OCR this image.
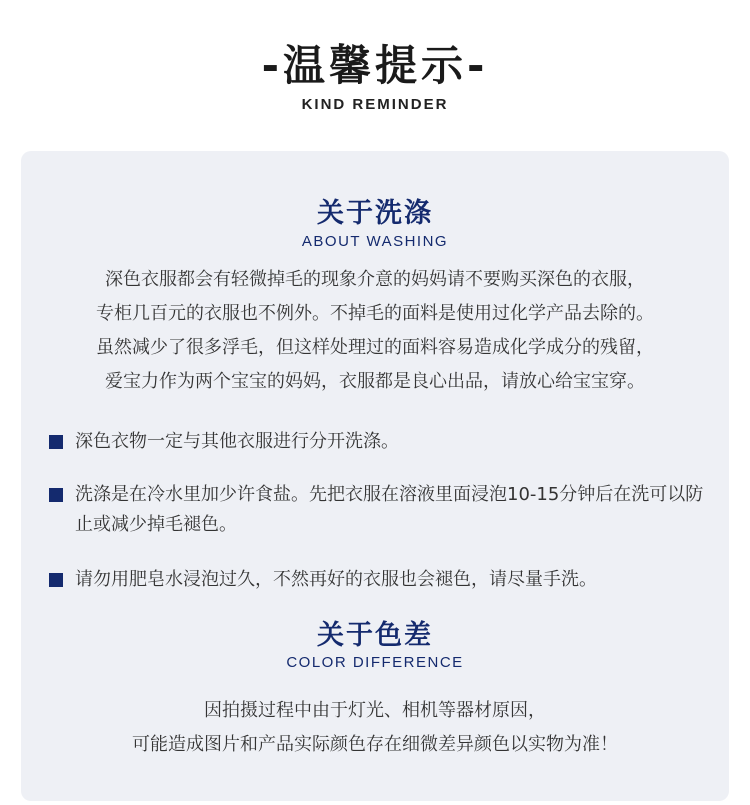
-温馨提示-
KIND REMINDER
关于洗涤
ABOUT WASHING
深色衣服都会有轻微掉毛的现象介意的妈妈请不要购买深色的衣服，
专柜几百元的衣服也不例外。不掉毛的面料是使用过化学产品去除的。
虽然减少了很多浮毛，但这样处理过的面料容易造成化学成分的残留，
爱宝力作为两个宝宝的妈妈，衣服都是良心出品，请放心给宝宝穿。
深色衣物一定与其他衣服进行分开洗涤。
洗涤是在冷水里加少许食盐。先把衣服在溶液里面浸泡10-15分钟后在洗可以防止或减少掉毛褪色。
请勿用肥皂水浸泡过久，不然再好的衣服也会褪色，请尽量手洗。
关于色差
COLOR DIFFERENCE
因拍摄过程中由于灯光、相机等器材原因，
可能造成图片和产品实际颜色存在细微差异颜色以实物为准！
